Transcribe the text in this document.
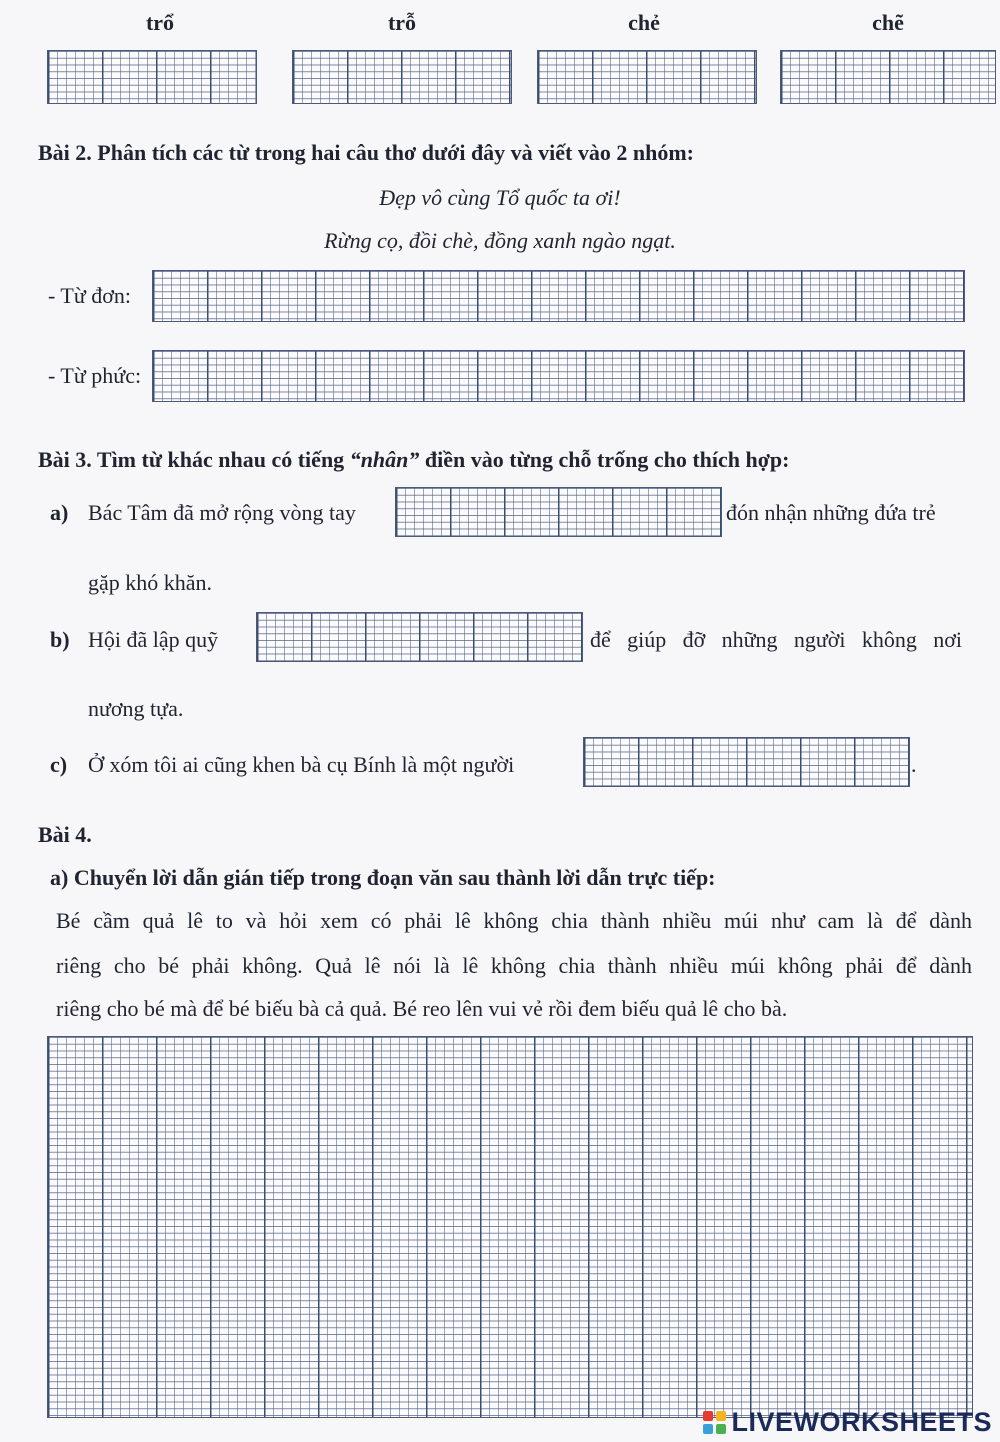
trổ	trỗ	chẻ	chẽ
Bài 2. Phân tích các từ trong hai câu thơ dưới đây và viết vào 2 nhóm:
Đẹp vô cùng Tổ quốc ta ơi!
Rừng cọ, đồi chè, đồng xanh ngào ngạt.
- Từ đơn:
- Từ phức:
Bài 3. Tìm từ khác nhau có tiếng “nhân” điền vào từng chỗ trống cho thích hợp:
a) Bác Tâm đã mở rộng vòng tay	đón nhận những đứa trẻ
gặp khó khăn.
b) Hội đã lập quỹ	để giúp đỡ những người không nơi
nương tựa.
c) Ở xóm tôi ai cũng khen bà cụ Bính là một người	.
Bài 4.
a) Chuyển lời dẫn gián tiếp trong đoạn văn sau thành lời dẫn trực tiếp:
Bé cầm quả lê to và hỏi xem có phải lê không chia thành nhiều múi như cam là để dành
riêng cho bé phải không. Quả lê nói là lê không chia thành nhiều múi không phải để dành
riêng cho bé mà để bé biếu bà cả quả. Bé reo lên vui vẻ rồi đem biếu quả lê cho bà.
LIVEWORKSHEETS
